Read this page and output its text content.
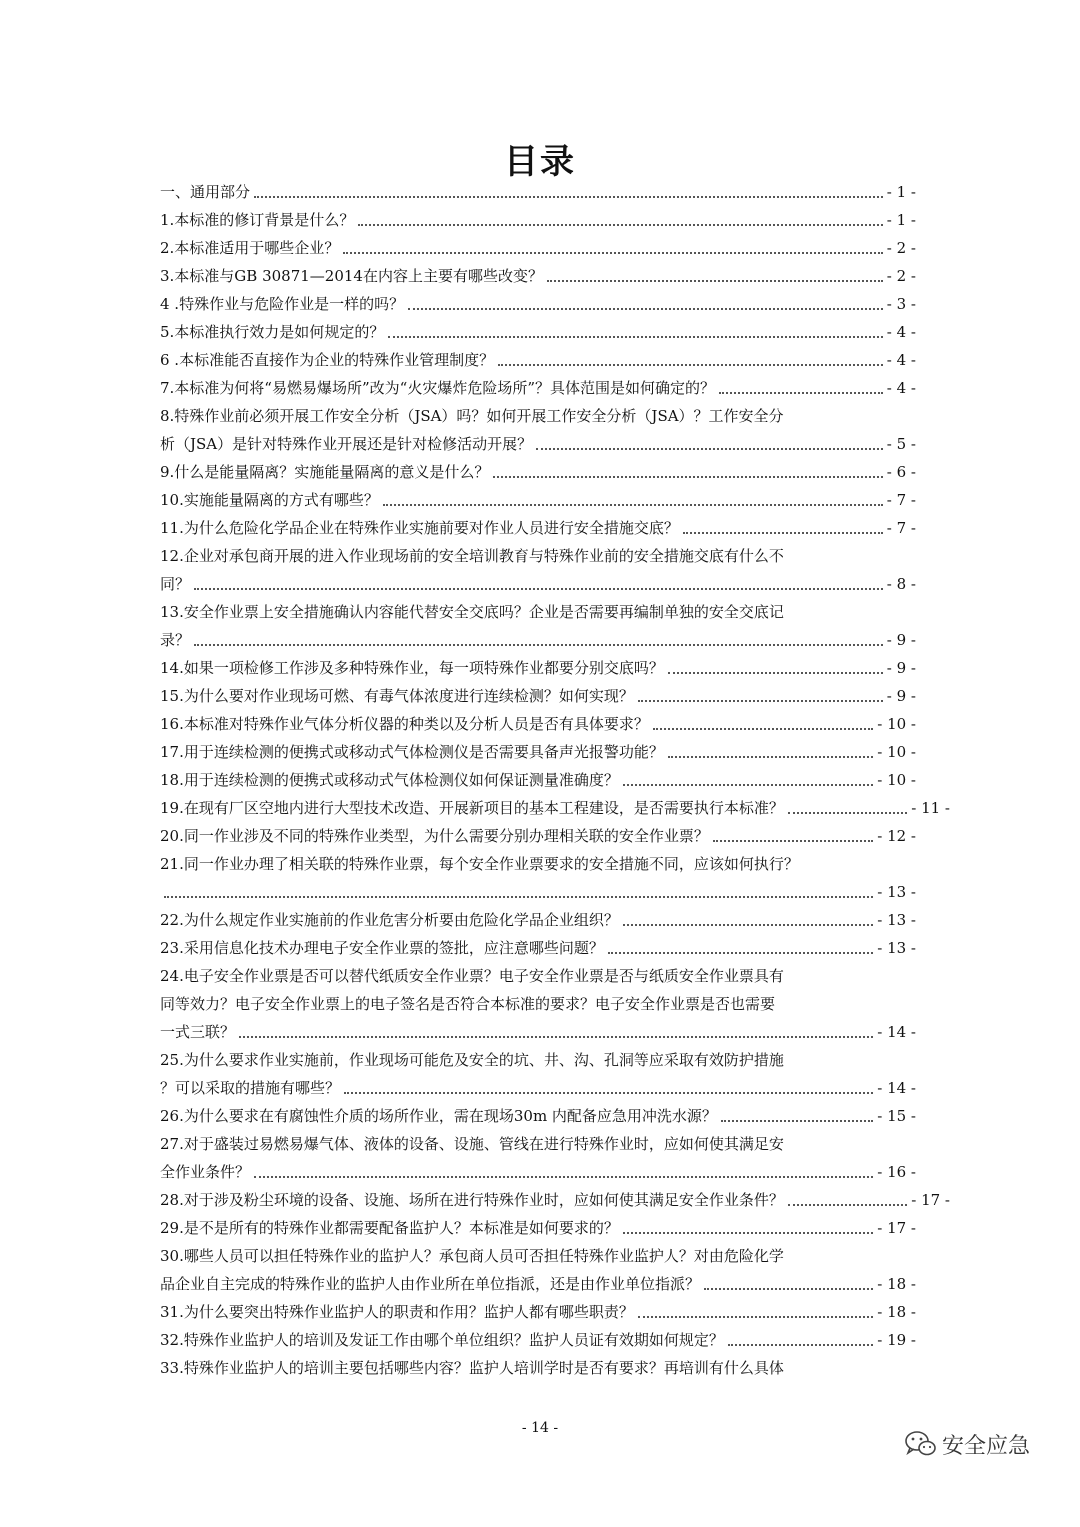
目录
一、通用部分	- 1 -
1.本标准的修订背景是什么？	- 1 -
2.本标准适用于哪些企业？	- 2 -
3.本标准与GB 30871—2014在内容上主要有哪些改变？	- 2 -
4 .特殊作业与危险作业是一样的吗？	- 3 -
5.本标准执行效力是如何规定的？	- 4 -
6 .本标准能否直接作为企业的特殊作业管理制度？	- 4 -
7.本标准为何将“易燃易爆场所”改为“火灾爆炸危险场所”？具体范围是如何确定的？	- 4 -
8.特殊作业前必须开展工作安全分析（JSA）吗？如何开展工作安全分析（JSA）？工作安全分
析（JSA）是针对特殊作业开展还是针对检修活动开展？	- 5 -
9.什么是能量隔离？实施能量隔离的意义是什么？	- 6 -
10.实施能量隔离的方式有哪些？	- 7 -
11.为什么危险化学品企业在特殊作业实施前要对作业人员进行安全措施交底？	- 7 -
12.企业对承包商开展的进入作业现场前的安全培训教育与特殊作业前的安全措施交底有什么不
同？	- 8 -
13.安全作业票上安全措施确认内容能代替安全交底吗？企业是否需要再编制单独的安全交底记
录？	- 9 -
14.如果一项检修工作涉及多种特殊作业，每一项特殊作业都要分别交底吗？	- 9 -
15.为什么要对作业现场可燃、有毒气体浓度进行连续检测？如何实现？	- 9 -
16.本标准对特殊作业气体分析仪器的种类以及分析人员是否有具体要求？	- 10 -
17.用于连续检测的便携式或移动式气体检测仪是否需要具备声光报警功能？	- 10 -
18.用于连续检测的便携式或移动式气体检测仪如何保证测量准确度？	- 10 -
19.在现有厂区空地内进行大型技术改造、开展新项目的基本工程建设，是否需要执行本标准？	- 11 -
20.同一作业涉及不同的特殊作业类型，为什么需要分别办理相关联的安全作业票？	- 12 -
21.同一作业办理了相关联的特殊作业票，每个安全作业票要求的安全措施不同，应该如何执行？
- 13 -
22.为什么规定作业实施前的作业危害分析要由危险化学品企业组织？	- 13 -
23.采用信息化技术办理电子安全作业票的签批，应注意哪些问题？	- 13 -
24.电子安全作业票是否可以替代纸质安全作业票？电子安全作业票是否与纸质安全作业票具有
同等效力？电子安全作业票上的电子签名是否符合本标准的要求？电子安全作业票是否也需要
一式三联？	- 14 -
25.为什么要求作业实施前，作业现场可能危及安全的坑、井、沟、孔洞等应采取有效防护措施
？可以采取的措施有哪些？	- 14 -
26.为什么要求在有腐蚀性介质的场所作业，需在现场30m 内配备应急用冲洗水源？	- 15 -
27.对于盛装过易燃易爆气体、液体的设备、设施、管线在进行特殊作业时，应如何使其满足安
全作业条件？	- 16 -
28.对于涉及粉尘环境的设备、设施、场所在进行特殊作业时，应如何使其满足安全作业条件？	- 17 -
29.是不是所有的特殊作业都需要配备监护人？本标准是如何要求的？	- 17 -
30.哪些人员可以担任特殊作业的监护人？承包商人员可否担任特殊作业监护人？对由危险化学
品企业自主完成的特殊作业的监护人由作业所在单位指派，还是由作业单位指派？	- 18 -
31.为什么要突出特殊作业监护人的职责和作用？监护人都有哪些职责？	- 18 -
32.特殊作业监护人的培训及发证工作由哪个单位组织？监护人员证有效期如何规定？	- 19 -
33.特殊作业监护人的培训主要包括哪些内容？监护人培训学时是否有要求？再培训有什么具体
- 14 -
安全应急
